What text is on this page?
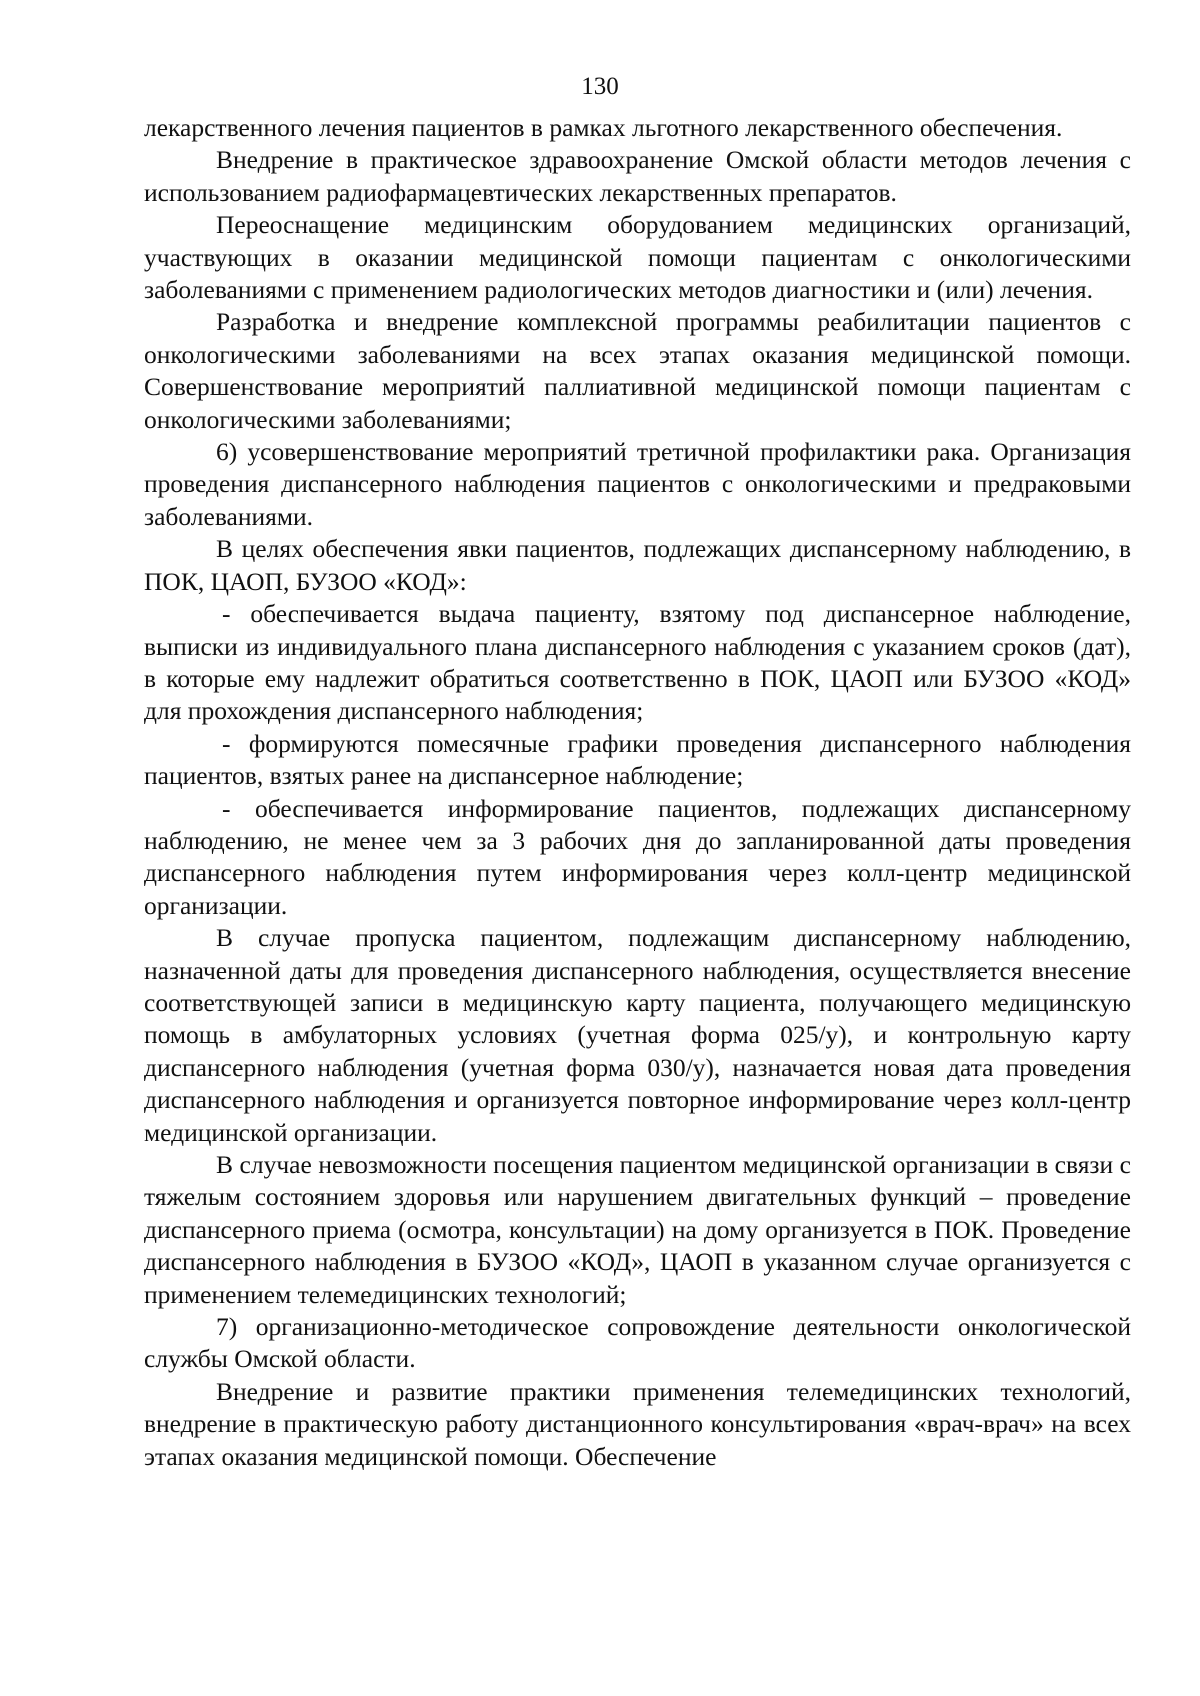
130

лекарственного лечения пациентов в рамках льготного лекарственного обеспечения.

Внедрение в практическое здравоохранение Омской области методов лечения с использованием радиофармацевтических лекарственных препаратов.

Переоснащение медицинским оборудованием медицинских организаций, участвующих в оказании медицинской помощи пациентам с онкологическими заболеваниями с применением радиологических методов диагностики и (или) лечения.

Разработка и внедрение комплексной программы реабилитации пациентов с онкологическими заболеваниями на всех этапах оказания медицинской помощи. Совершенствование мероприятий паллиативной медицинской помощи пациентам с онкологическими заболеваниями;

6) усовершенствование мероприятий третичной профилактики рака. Организация проведения диспансерного наблюдения пациентов с онкологическими и предраковыми заболеваниями.

В целях обеспечения явки пациентов, подлежащих диспансерному наблюдению, в ПОК, ЦАОП, БУЗОО «КОД»:

- обеспечивается выдача пациенту, взятому под диспансерное наблюдение, выписки из индивидуального плана диспансерного наблюдения с указанием сроков (дат), в которые ему надлежит обратиться соответственно в ПОК, ЦАОП или БУЗОО «КОД» для прохождения диспансерного наблюдения;

- формируются помесячные графики проведения диспансерного наблюдения пациентов, взятых ранее на диспансерное наблюдение;

- обеспечивается информирование пациентов, подлежащих диспансерному наблюдению, не менее чем за 3 рабочих дня до запланированной даты проведения диспансерного наблюдения путем информирования через колл-центр медицинской организации.

В случае пропуска пациентом, подлежащим диспансерному наблюдению, назначенной даты для проведения диспансерного наблюдения, осуществляется внесение соответствующей записи в медицинскую карту пациента, получающего медицинскую помощь в амбулаторных условиях (учетная форма 025/у), и контрольную карту диспансерного наблюдения (учетная форма 030/у), назначается новая дата проведения диспансерного наблюдения и организуется повторное информирование через колл-центр медицинской организации.

В случае невозможности посещения пациентом медицинской организации в связи с тяжелым состоянием здоровья или нарушением двигательных функций – проведение диспансерного приема (осмотра, консультации) на дому организуется в ПОК. Проведение диспансерного наблюдения в БУЗОО «КОД», ЦАОП в указанном случае организуется с применением телемедицинских технологий;

7) организационно-методическое сопровождение деятельности онкологической службы Омской области.

Внедрение и развитие практики применения телемедицинских технологий, внедрение в практическую работу дистанционного консультирования «врач-врач» на всех этапах оказания медицинской помощи. Обеспечение
